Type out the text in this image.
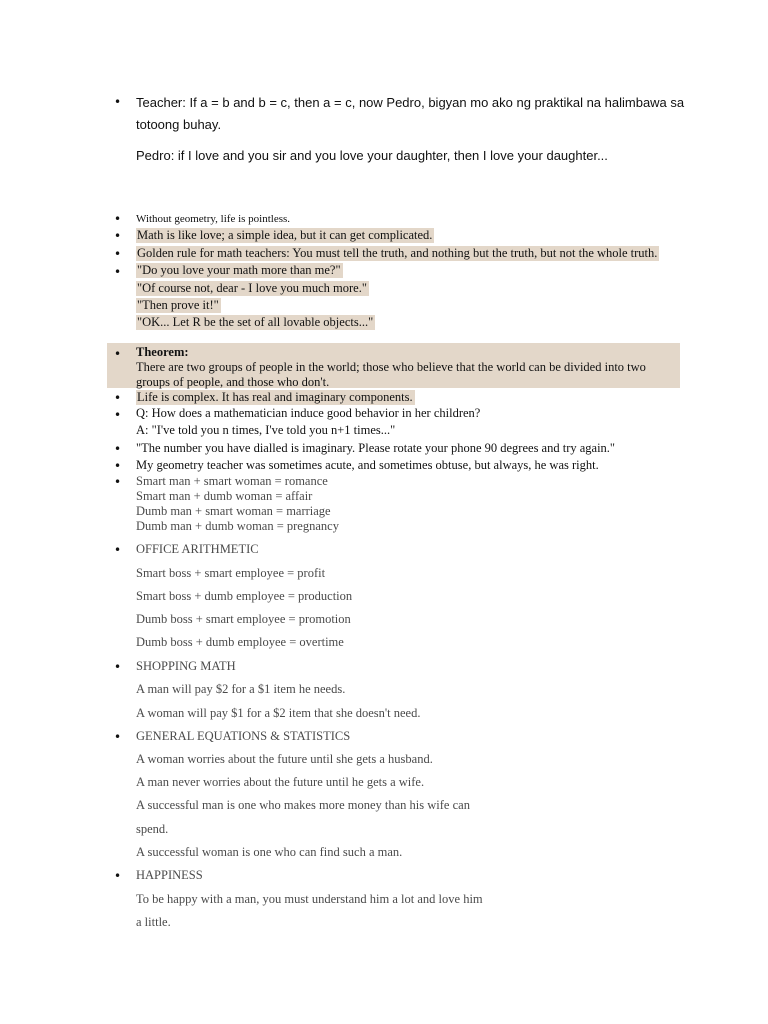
• Teacher: If a = b and b = c, then a = c, now Pedro, bigyan mo ako ng praktikal na halimbawa sa
totoong buhay.
Pedro: if I love and you sir and you love your daughter, then I love your daughter...
• Without geometry, life is pointless.
• Math is like love; a simple idea, but it can get complicated.
• Golden rule for math teachers: You must tell the truth, and nothing but the truth, but not the whole truth.
• "Do you love your math more than me?"
"Of course not, dear - I love you much more."
"Then prove it!"
"OK... Let R be the set of all lovable objects..."
• Theorem:
There are two groups of people in the world; those who believe that the world can be divided into two
groups of people, and those who don't.
• Life is complex. It has real and imaginary components.
• Q: How does a mathematician induce good behavior in her children?
A: "I've told you n times, I've told you n+1 times..."
• "The number you have dialled is imaginary. Please rotate your phone 90 degrees and try again."
• My geometry teacher was sometimes acute, and sometimes obtuse, but always, he was right.
• Smart man + smart woman = romance
Smart man + dumb woman = affair
Dumb man + smart woman = marriage
Dumb man + dumb woman = pregnancy
• OFFICE ARITHMETIC
Smart boss + smart employee = profit
Smart boss + dumb employee = production
Dumb boss + smart employee = promotion
Dumb boss + dumb employee = overtime
• SHOPPING MATH
A man will pay $2 for a $1 item he needs.
A woman will pay $1 for a $2 item that she doesn't need.
• GENERAL EQUATIONS & STATISTICS
A woman worries about the future until she gets a husband.
A man never worries about the future until he gets a wife.
A successful man is one who makes more money than his wife can
spend.
A successful woman is one who can find such a man.
• HAPPINESS
To be happy with a man, you must understand him a lot and love him
a little.
